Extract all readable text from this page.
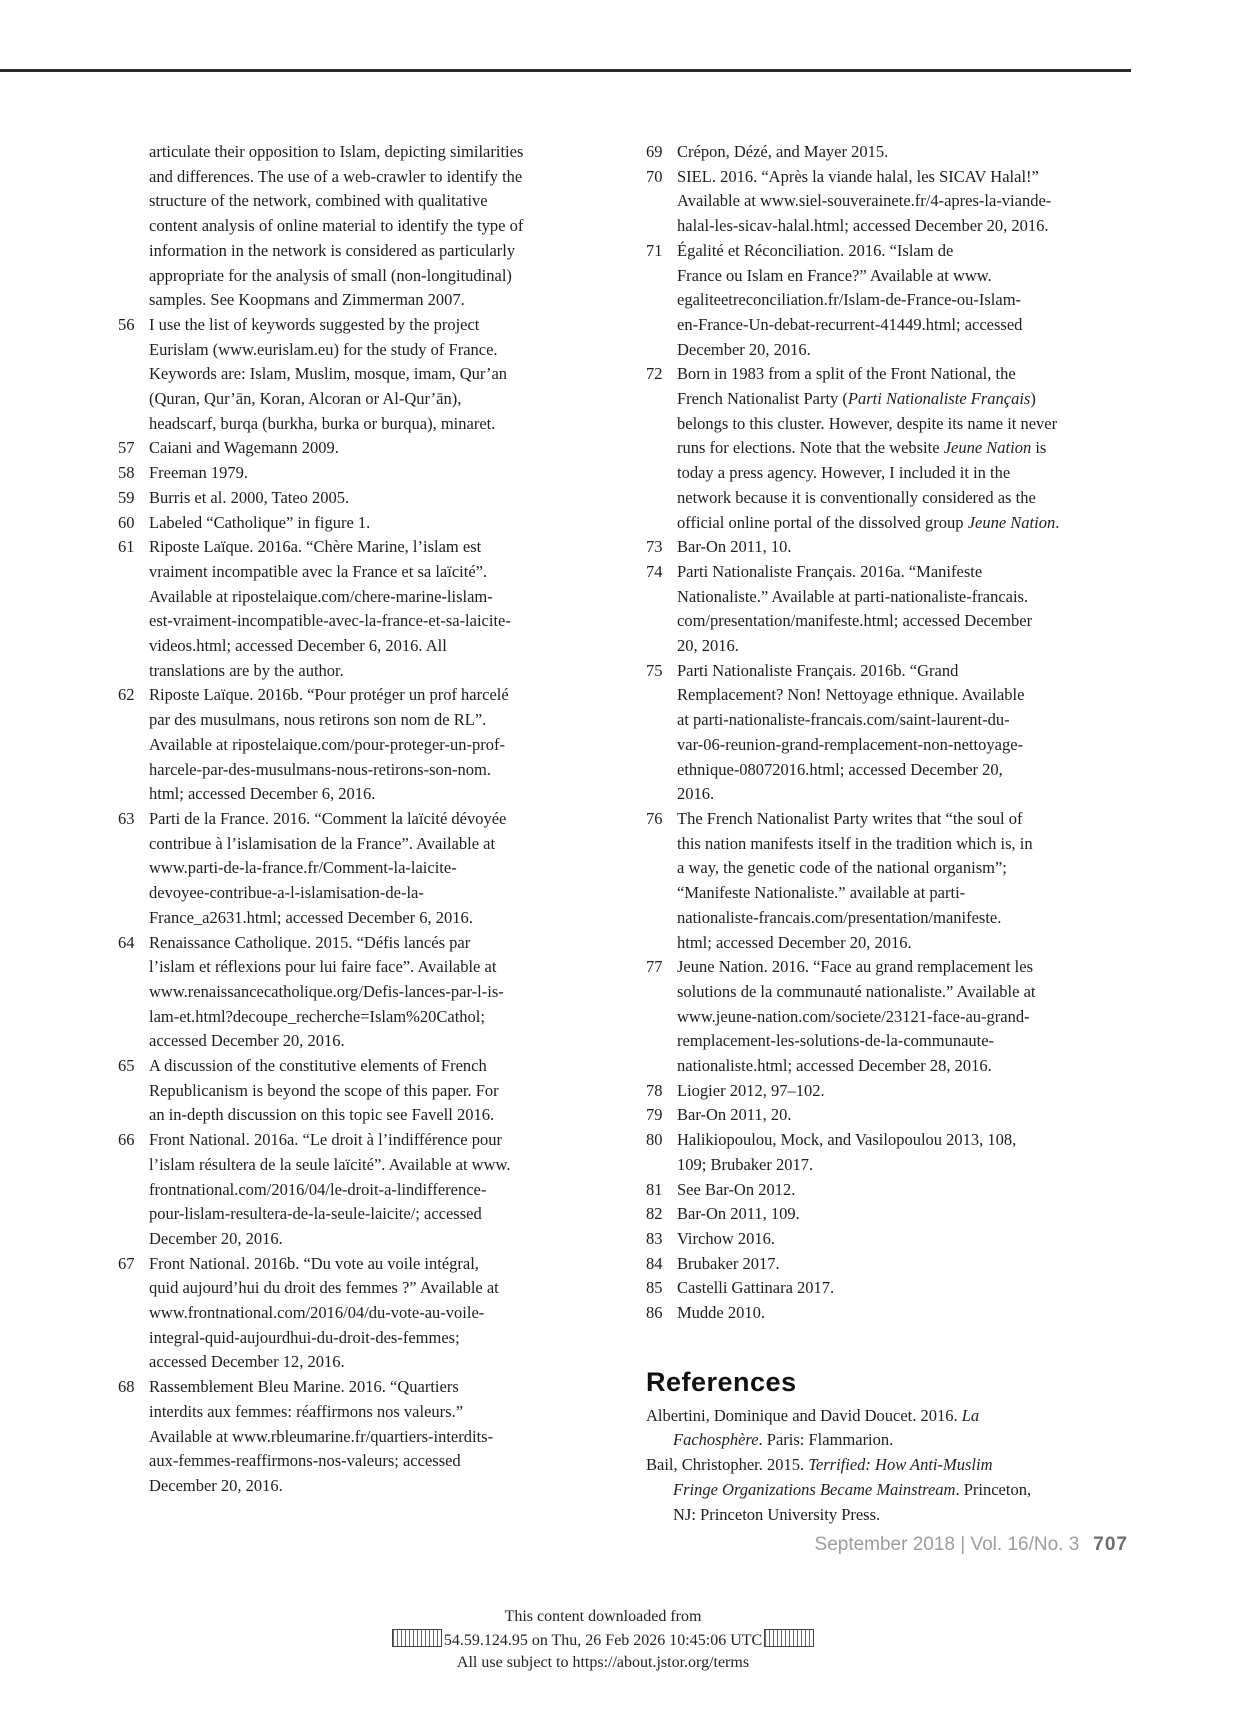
articulate their opposition to Islam, depicting similarities
and differences. The use of a web-crawler to identify the
structure of the network, combined with qualitative
content analysis of online material to identify the type of
information in the network is considered as particularly
appropriate for the analysis of small (non-longitudinal)
samples. See Koopmans and Zimmerman 2007.
56 I use the list of keywords suggested by the project
Eurislam (www.eurislam.eu) for the study of France.
Keywords are: Islam, Muslim, mosque, imam, Qur’an
(Quran, Qur’ān, Koran, Alcoran or Al-Qur’ān),
headscarf, burqa (burkha, burka or burqua), minaret.
57 Caiani and Wagemann 2009.
58 Freeman 1979.
59 Burris et al. 2000, Tateo 2005.
60 Labeled “Catholique” in figure 1.
61 Riposte Laïque. 2016a. “Chère Marine, l’islam est
vraiment incompatible avec la France et sa laïcité”.
Available at ripostelaique.com/chere-marine-lislam-
est-vraiment-incompatible-avec-la-france-et-sa-laicite-
videos.html; accessed December 6, 2016. All
translations are by the author.
62 Riposte Laïque. 2016b. “Pour protéger un prof harcelé
par des musulmans, nous retirons son nom de RL”.
Available at ripostelaique.com/pour-proteger-un-prof-
harcele-par-des-musulmans-nous-retirons-son-nom.
html; accessed December 6, 2016.
63 Parti de la France. 2016. “Comment la laïcité dévoyée
contribue à l’islamisation de la France”. Available at
www.parti-de-la-france.fr/Comment-la-laicite-
devoyee-contribue-a-l-islamisation-de-la-
France_a2631.html; accessed December 6, 2016.
64 Renaissance Catholique. 2015. “Défis lancés par
l’islam et réflexions pour lui faire face”. Available at
www.renaissancecatholique.org/Defis-lances-par-l-is-
lam-et.html?decoupe_recherche=Islam%20Cathol;
accessed December 20, 2016.
65 A discussion of the constitutive elements of French
Republicanism is beyond the scope of this paper. For
an in-depth discussion on this topic see Favell 2016.
66 Front National. 2016a. “Le droit à l’indifférence pour
l’islam résultera de la seule laïcité”. Available at www.
frontnational.com/2016/04/le-droit-a-lindifference-
pour-lislam-resultera-de-la-seule-laicite/; accessed
December 20, 2016.
67 Front National. 2016b. “Du vote au voile intégral,
quid aujourd’hui du droit des femmes ?” Available at
www.frontnational.com/2016/04/du-vote-au-voile-
integral-quid-aujourdhui-du-droit-des-femmes;
accessed December 12, 2016.
68 Rassemblement Bleu Marine. 2016. “Quartiers
interdits aux femmes: réaffirmons nos valeurs.”
Available at www.rbleumarine.fr/quartiers-interdits-
aux-femmes-reaffirmons-nos-valeurs; accessed
December 20, 2016.
69 Crépon, Dézé, and Mayer 2015.
70 SIEL. 2016. “Après la viande halal, les SICAV Halal!”
Available at www.siel-souverainete.fr/4-apres-la-viande-
halal-les-sicav-halal.html; accessed December 20, 2016.
71 Égalité et Réconciliation. 2016. “Islam de
France ou Islam en France?” Available at www.
egaliteetreconciliation.fr/Islam-de-France-ou-Islam-
en-France-Un-debat-recurrent-41449.html; accessed
December 20, 2016.
72 Born in 1983 from a split of the Front National, the
French Nationalist Party (Parti Nationaliste Français)
belongs to this cluster. However, despite its name it never
runs for elections. Note that the website Jeune Nation is
today a press agency. However, I included it in the
network because it is conventionally considered as the
official online portal of the dissolved group Jeune Nation.
73 Bar-On 2011, 10.
74 Parti Nationaliste Français. 2016a. “Manifeste
Nationaliste.” Available at parti-nationaliste-francais.
com/presentation/manifeste.html; accessed December
20, 2016.
75 Parti Nationaliste Français. 2016b. “Grand
Remplacement? Non! Nettoyage ethnique. Available
at parti-nationaliste-francais.com/saint-laurent-du-
var-06-reunion-grand-remplacement-non-nettoyage-
ethnique-08072016.html; accessed December 20,
2016.
76 The French Nationalist Party writes that “the soul of
this nation manifests itself in the tradition which is, in
a way, the genetic code of the national organism”;
“Manifeste Nationaliste.” available at parti-
nationaliste-francais.com/presentation/manifeste.
html; accessed December 20, 2016.
77 Jeune Nation. 2016. “Face au grand remplacement les
solutions de la communauté nationaliste.” Available at
www.jeune-nation.com/societe/23121-face-au-grand-
remplacement-les-solutions-de-la-communaute-
nationaliste.html; accessed December 28, 2016.
78 Liogier 2012, 97–102.
79 Bar-On 2011, 20.
80 Halikiopoulou, Mock, and Vasilopoulou 2013, 108,
109; Brubaker 2017.
81 See Bar-On 2012.
82 Bar-On 2011, 109.
83 Virchow 2016.
84 Brubaker 2017.
85 Castelli Gattinara 2017.
86 Mudde 2010.
References
Albertini, Dominique and David Doucet. 2016. La
Fachosphère. Paris: Flammarion.
Bail, Christopher. 2015. Terrified: How Anti-Muslim
Fringe Organizations Became Mainstream. Princeton,
NJ: Princeton University Press.
September 2018 | Vol. 16/No. 3 707
This content downloaded from
54.59.124.95 on Thu, 26 Feb 2026 10:45:06 UTC
All use subject to https://about.jstor.org/terms
